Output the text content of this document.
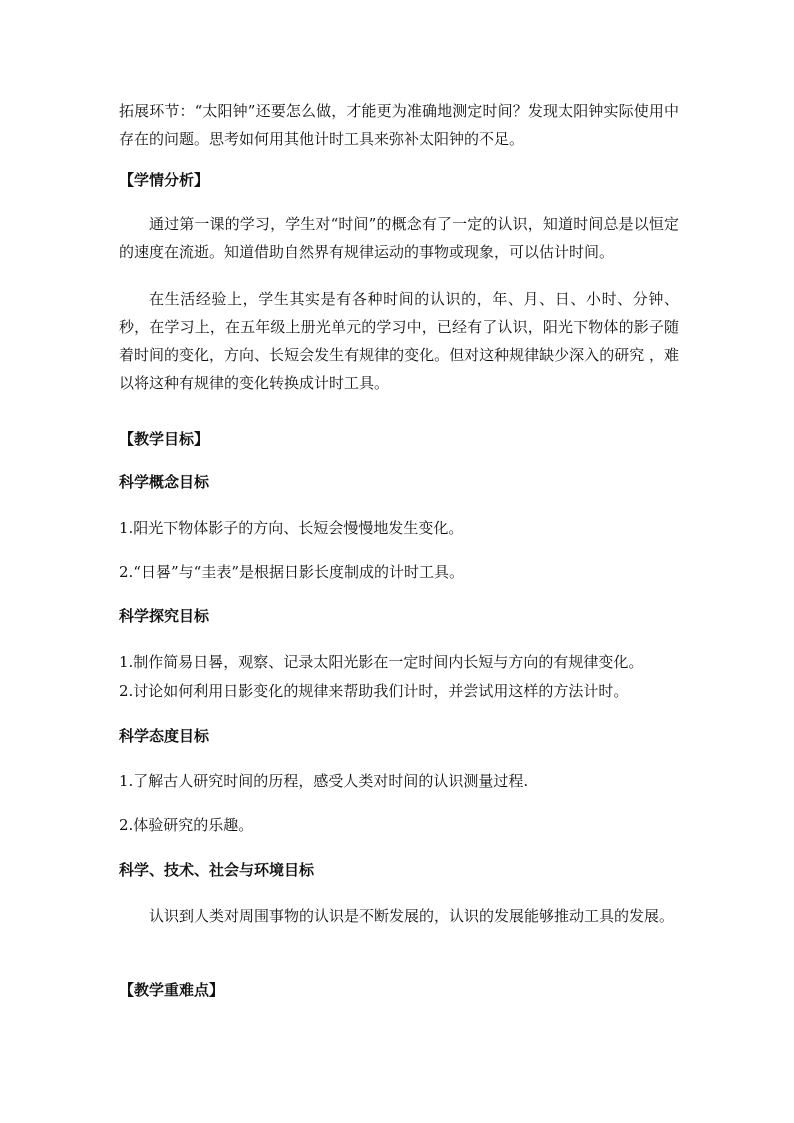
拓展环节：“太阳钟”还要怎么做，才能更为准确地测定时间？发现太阳钟实际使用中存在的问题。思考如何用其他计时工具来弥补太阳钟的不足。

【学情分析】

通过第一课的学习，学生对“时间”的概念有了一定的认识，知道时间总是以恒定的速度在流逝。知道借助自然界有规律运动的事物或现象，可以估计时间。

在生活经验上，学生其实是有各种时间的认识的，年、月、日、小时、分钟、秒，在学习上，在五年级上册光单元的学习中，已经有了认识，阳光下物体的影子随着时间的变化，方向、长短会发生有规律的变化。但对这种规律缺少深入的研究 ，难以将这种有规律的变化转换成计时工具。

【教学目标】
科学概念目标
1.阳光下物体影子的方向、长短会慢慢地发生变化。
2.“日晷”与“圭表”是根据日影长度制成的计时工具。
科学探究目标
1.制作简易日晷，观察、记录太阳光影在一定时间内长短与方向的有规律变化。
2.讨论如何利用日影变化的规律来帮助我们计时，并尝试用这样的方法计时。
科学态度目标
1.了解古人研究时间的历程，感受人类对时间的认识测量过程.
2.体验研究的乐趣。
科学、技术、社会与环境目标

认识到人类对周围事物的认识是不断发展的，认识的发展能够推动工具的发展。

【教学重难点】
